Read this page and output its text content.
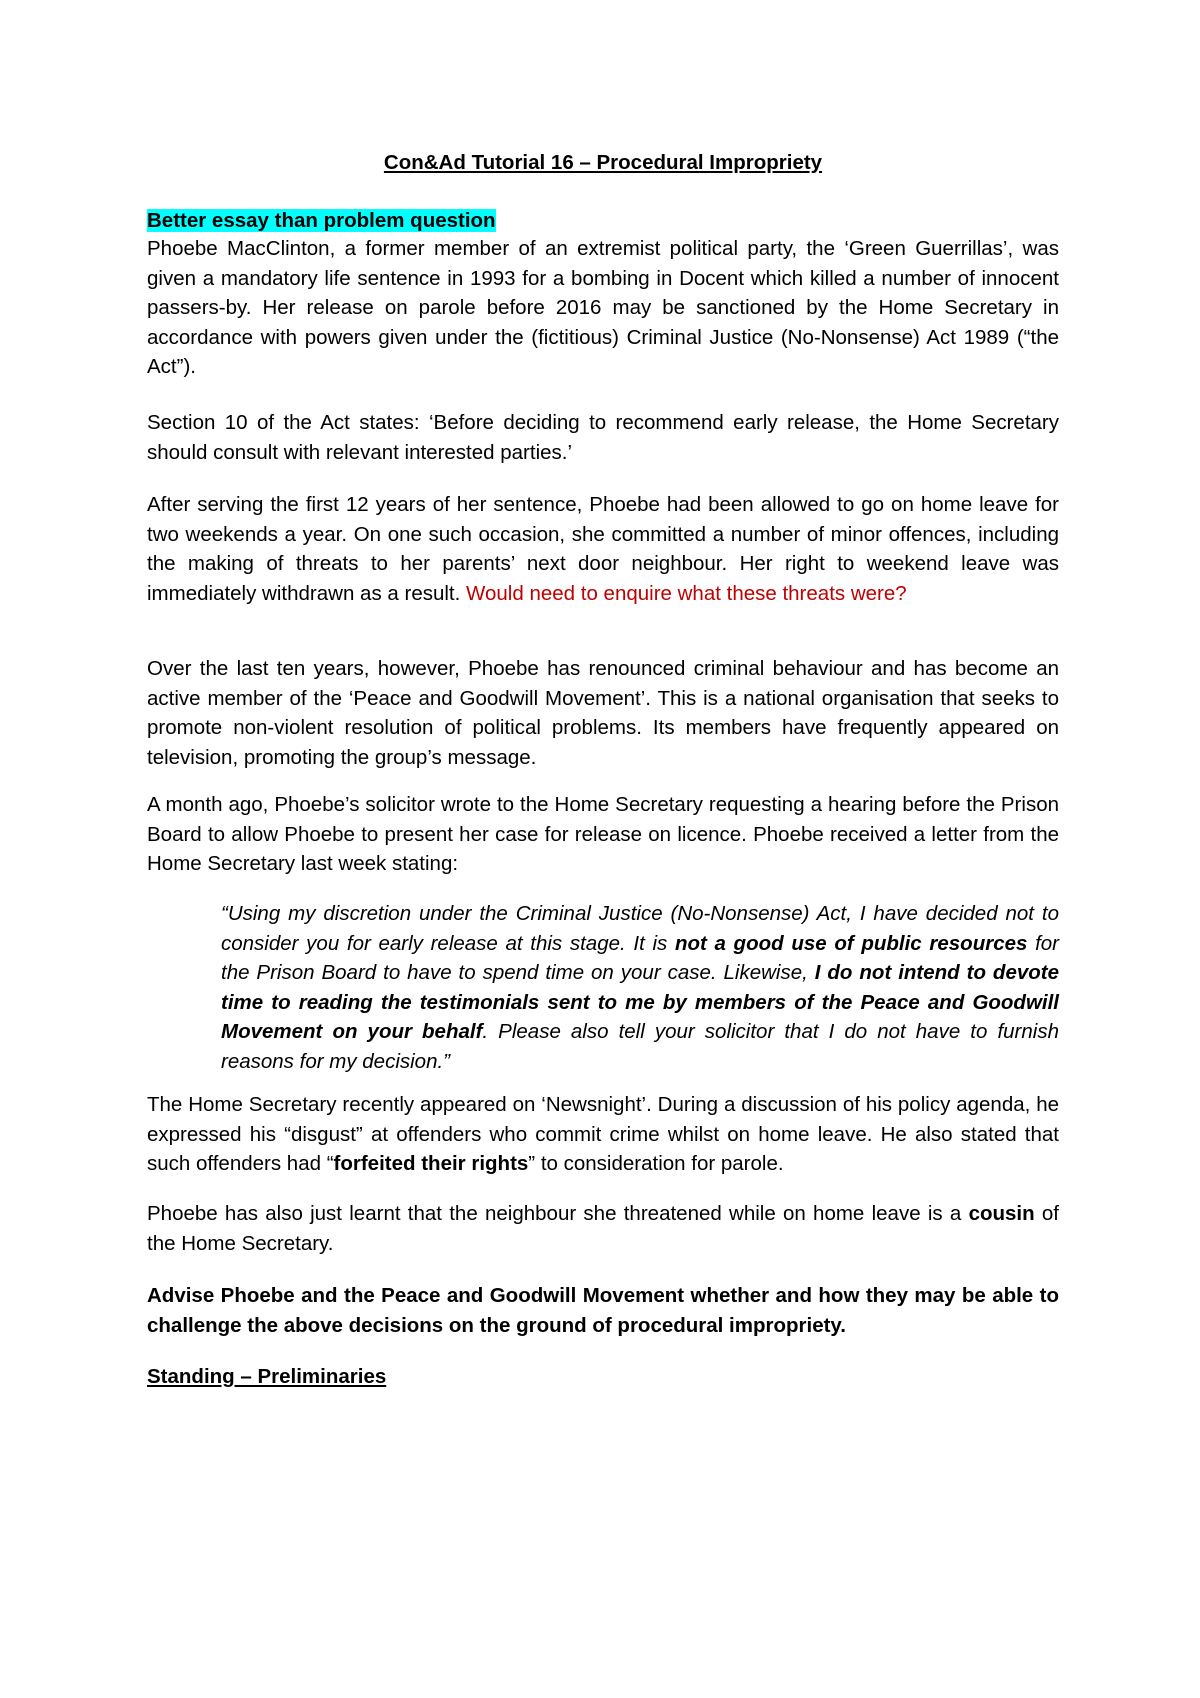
Con&Ad Tutorial 16 – Procedural Impropriety

Better essay than problem question

Phoebe MacClinton, a former member of an extremist political party, the ‘Green Guerrillas’, was given a mandatory life sentence in 1993 for a bombing in Docent which killed a number of innocent passers-by. Her release on parole before 2016 may be sanctioned by the Home Secretary in accordance with powers given under the (fictitious) Criminal Justice (No-Nonsense) Act 1989 (“the Act”).

Section 10 of the Act states: ‘Before deciding to recommend early release, the Home Secretary should consult with relevant interested parties.’

After serving the first 12 years of her sentence, Phoebe had been allowed to go on home leave for two weekends a year. On one such occasion, she committed a number of minor offences, including the making of threats to her parents’ next door neighbour. Her right to weekend leave was immediately withdrawn as a result. Would need to enquire what these threats were?

Over the last ten years, however, Phoebe has renounced criminal behaviour and has become an active member of the ‘Peace and Goodwill Movement’. This is a national organisation that seeks to promote non-violent resolution of political problems. Its members have frequently appeared on television, promoting the group’s message.

A month ago, Phoebe’s solicitor wrote to the Home Secretary requesting a hearing before the Prison Board to allow Phoebe to present her case for release on licence. Phoebe received a letter from the Home Secretary last week stating:

“Using my discretion under the Criminal Justice (No-Nonsense) Act, I have decided not to consider you for early release at this stage. It is not a good use of public resources for the Prison Board to have to spend time on your case. Likewise, I do not intend to devote time to reading the testimonials sent to me by members of the Peace and Goodwill Movement on your behalf. Please also tell your solicitor that I do not have to furnish reasons for my decision.”

The Home Secretary recently appeared on ‘Newsnight’. During a discussion of his policy agenda, he expressed his “disgust” at offenders who commit crime whilst on home leave. He also stated that such offenders had “forfeited their rights” to consideration for parole.

Phoebe has also just learnt that the neighbour she threatened while on home leave is a cousin of the Home Secretary.

Advise Phoebe and the Peace and Goodwill Movement whether and how they may be able to challenge the above decisions on the ground of procedural impropriety.

Standing – Preliminaries
